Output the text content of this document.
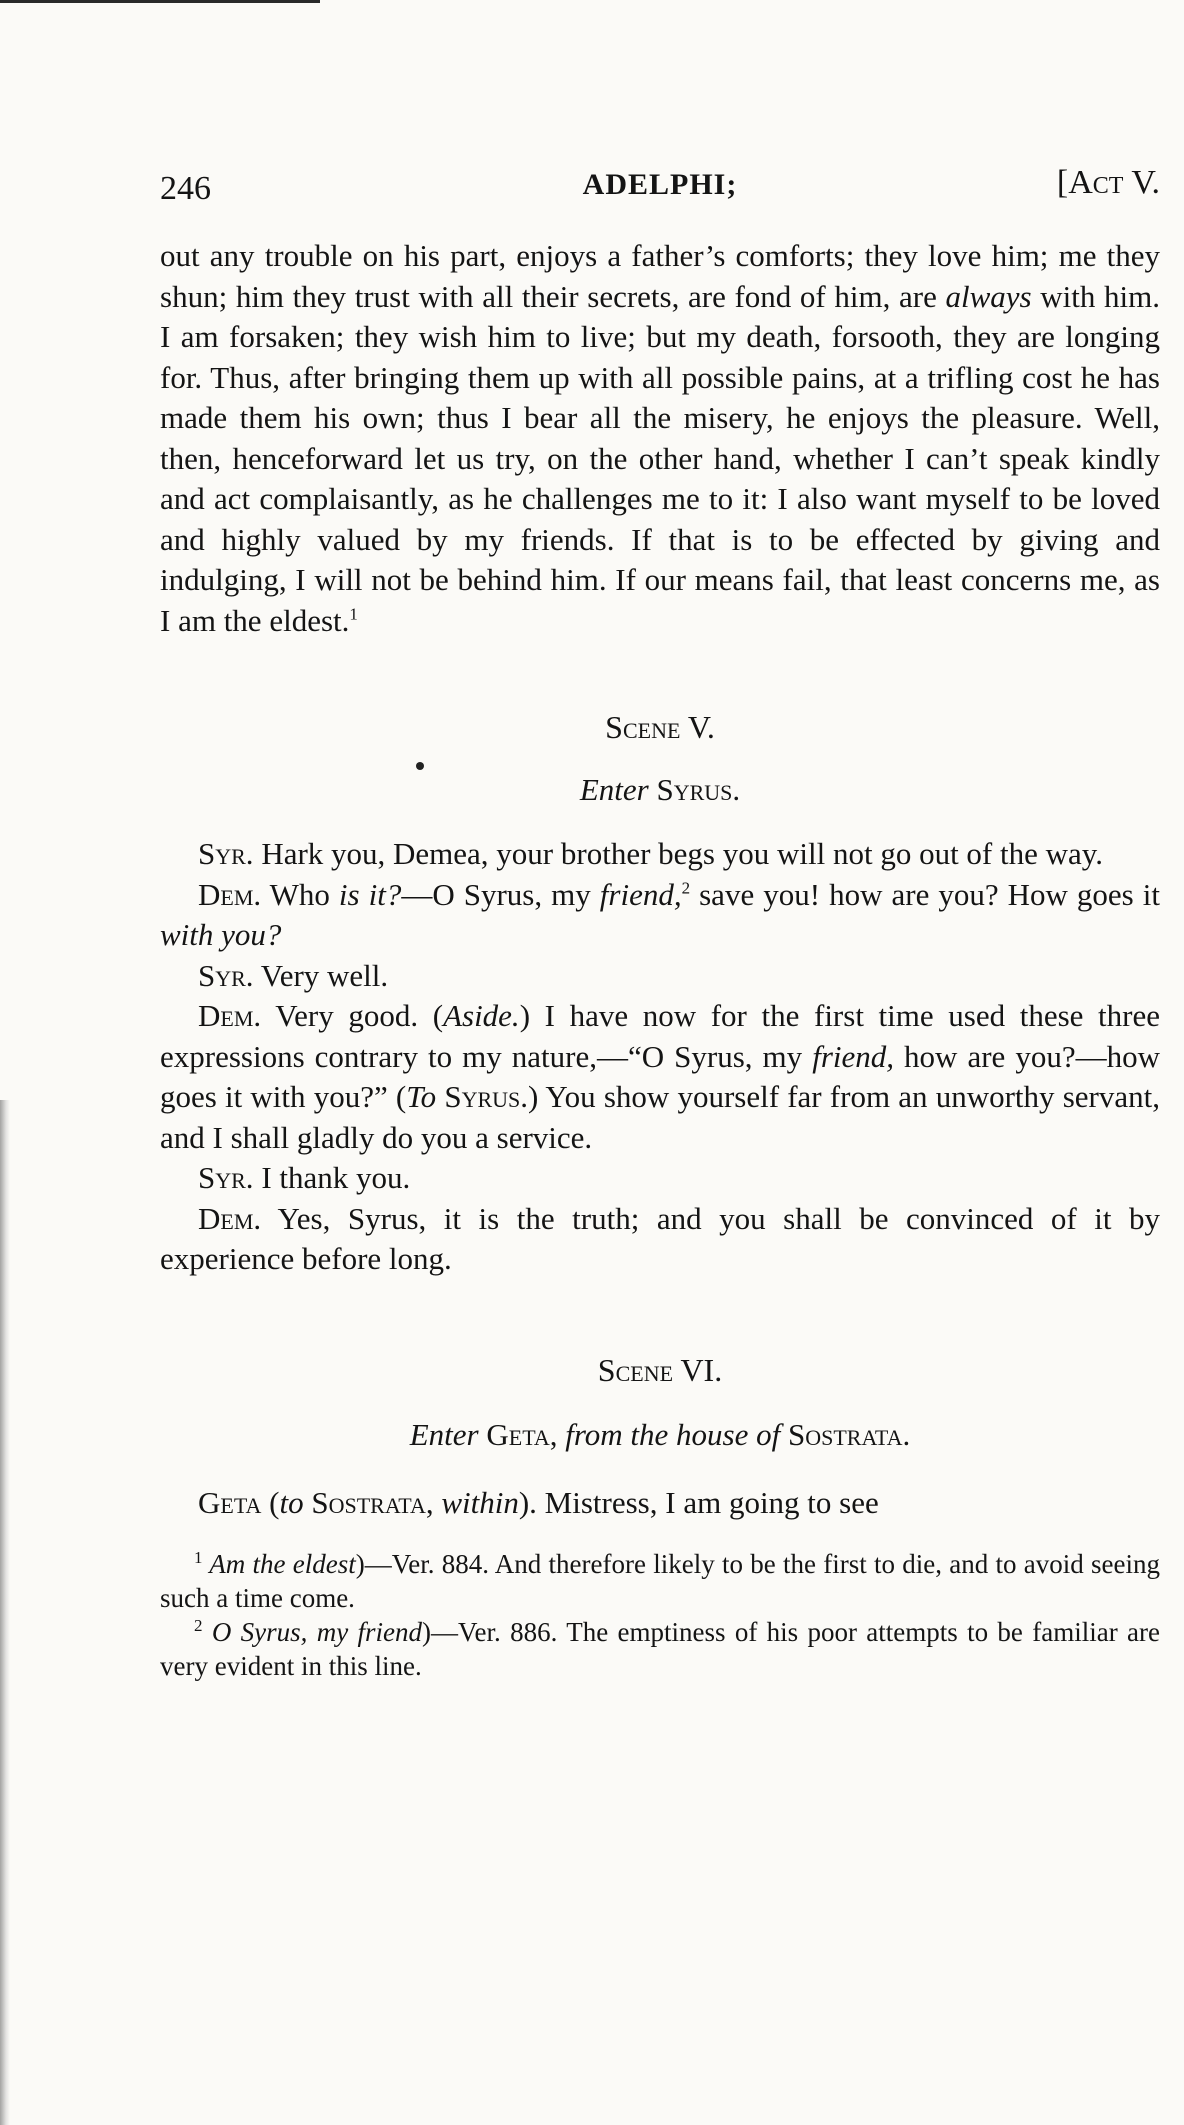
246	ADELPHI;	[Act V.

out any trouble on his part, enjoys a father’s comforts; they love him; me they shun; him they trust with all their secrets, are fond of him, are always with him. I am forsaken; they wish him to live; but my death, forsooth, they are longing for. Thus, after bringing them up with all possible pains, at a trifling cost he has made them his own; thus I bear all the misery, he enjoys the pleasure. Well, then, henceforward let us try, on the other hand, whether I can’t speak kindly and act complaisantly, as he challenges me to it: I also want myself to be loved and highly valued by my friends. If that is to be effected by giving and indulging, I will not be behind him. If our means fail, that least concerns me, as I am the eldest.$^1$

Scene V.

Enter Syrus.

Syr. Hark you, Demea, your brother begs you will not go out of the way.

Dem. Who is it?—O Syrus, my friend,$^2$ save you! how are you? How goes it with you?

Syr. Very well.

Dem. Very good. (Aside.) I have now for the first time used these three expressions contrary to my nature,—“O Syrus, my friend, how are you?—how goes it with you?” (To Syrus.) You show yourself far from an unworthy servant, and I shall gladly do you a service.

Syr. I thank you.

Dem. Yes, Syrus, it is the truth; and you shall be convinced of it by experience before long.

Scene VI.

Enter Geta, from the house of Sostrata.

Geta (to Sostrata, within). Mistress, I am going to see

$^1$ Am the eldest)—Ver. 884. And therefore likely to be the first to die, and to avoid seeing such a time come.

$^2$ O Syrus, my friend)—Ver. 886. The emptiness of his poor attempts to be familiar are very evident in this line.
